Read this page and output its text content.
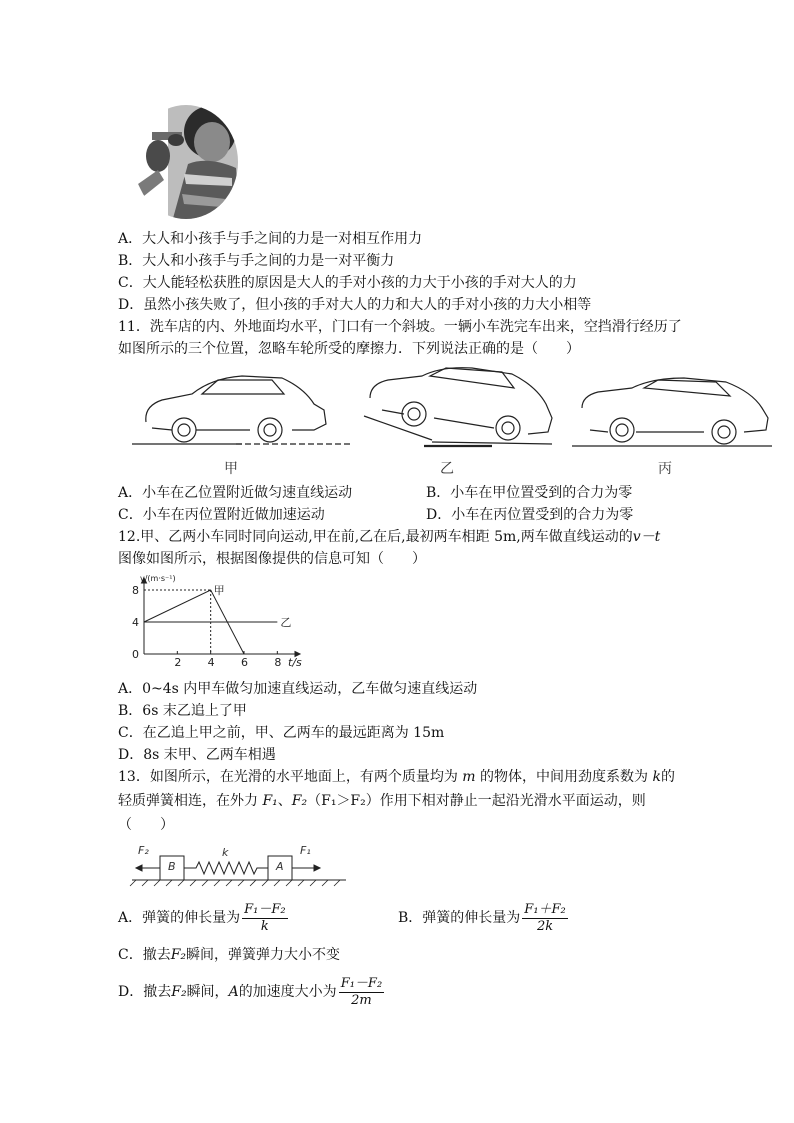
A．大人和小孩手与手之间的力是一对相互作用力
B．大人和小孩手与手之间的力是一对平衡力
C．大人能轻松获胜的原因是大人的手对小孩的力大于小孩的手对大人的力
D．虽然小孩失败了，但小孩的手对大人的力和大人的手对小孩的力大小相等
11．洗车店的内、外地面均水平，门口有一个斜坡。一辆小车洗完车出来，空挡滑行经历了
如图所示的三个位置，忽略车轮所受的摩擦力．下列说法正确的是（　　）
甲	乙	丙
A．小车在乙位置附近做匀速直线运动	B．小车在甲位置受到的合力为零
C．小车在丙位置附近做加速运动	D．小车在丙位置受到的合力为零
12.甲、乙两小车同时同向运动,甲在前,乙在后,最初两车相距 5m,两车做直线运动的v－t
图像如图所示，根据图像提供的信息可知（　　）
2 4 6 8
8
4
0
甲
乙
v/(m·s⁻¹)
t/s
A．0~4s 内甲车做匀加速直线运动，乙车做匀速直线运动
B．6s 末乙追上了甲
C．在乙追上甲之前，甲、乙两车的最远距离为 15m
D．8s 末甲、乙两车相遇
13．如图所示，在光滑的水平地面上，有两个质量均为 m 的物体，中间用劲度系数为 k的
轻质弹簧相连，在外力 F₁、F₂（F₁＞F₂）作用下相对静止一起沿光滑水平面运动，则
（　　）
F₂
B
k
A
F₁
A．弹簧的伸长量为 $\frac{\text{F₁－F₂}}{k}$	B．弹簧的伸长量为 $\frac{\text{F₁＋F₂}}{2k}$
C．撤去F₂瞬间，弹簧弹力大小不变
D．撤去F₂瞬间，A的加速度大小为 $\frac{\text{F₁－F₂}}{2m}$
